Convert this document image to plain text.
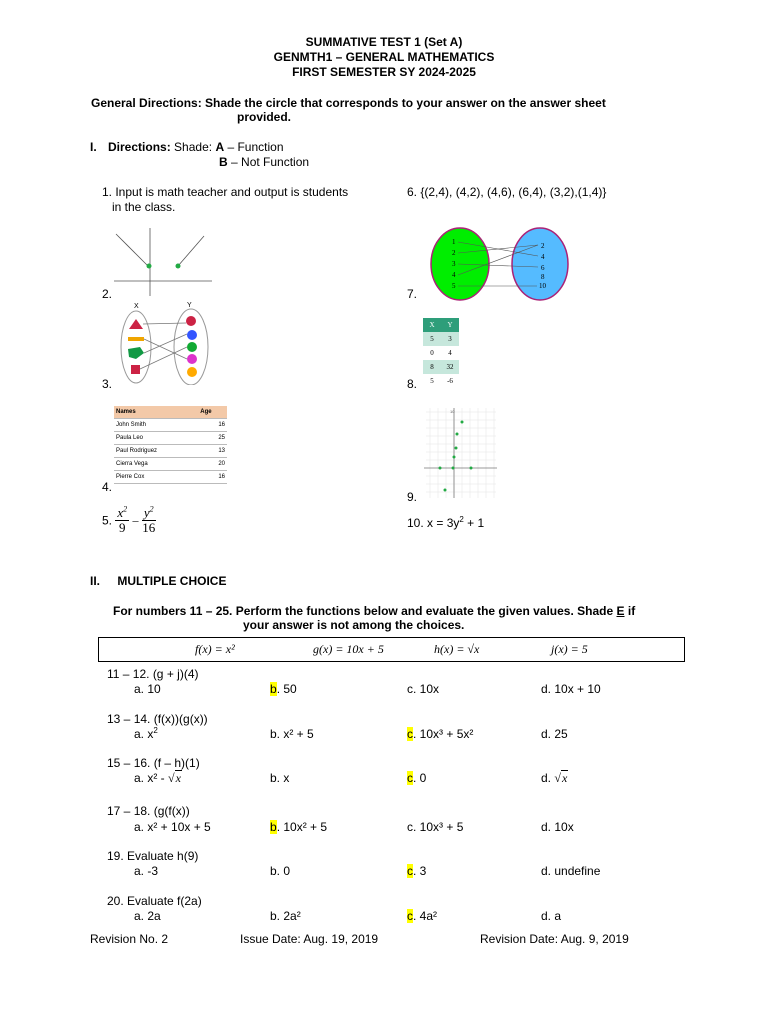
SUMMATIVE TEST 1 (Set A)
GENMTH1 – GENERAL MATHEMATICS
FIRST SEMESTER SY 2024-2025
General Directions: Shade the circle that corresponds to your answer on the answer sheet
provided.
I. Directions: Shade: A – Function
B – Not Function
1. Input is math teacher and output is students
in the class.
2.
X	Y
3.
Names	Age
John Smith	16
Paula Leo	25
Paul Rodriguez	13
Cierra Vega	20
Pierre Cox	16
4.
5. $\frac{x^2}{9} - \frac{y^2}{16}$
6. {(2,4), (4,2), (4,6), (6,4), (3,2),(1,4)}
1
2
3
4
5
2
4
6
8
10
7.
X	Y
5	3
0	4
8	32
5	-6
8.
10
9.
10. $x = 3y^2 + 1$
II. MULTIPLE CHOICE
For numbers 11 – 25. Perform the functions below and evaluate the given values. Shade E if
your answer is not among the choices.
f(x) = x²	g(x) = 10x + 5	h(x) = √x	j(x) = 5
11 – 12. (g + j)(4)
a. 10	b. 50	c. 10x	d. 10x + 10
13 – 14. (f(x))(g(x))
a. $x^2$	b. x² + 5	c. 10x³ + 5x²	d. 25
15 – 16. (f – h)(1)
a. x² - √x	b. x	c. 0	d. √x
17 – 18. (g(f(x))
a. x² + 10x + 5	b. 10x² + 5	c. 10x³ + 5	d. 10x
19. Evaluate h(9)
a. -3	b. 0	c. 3	d. undefine
20. Evaluate f(2a)
a. 2a	b. 2a²	c. 4a²	d. a
Revision No. 2	Issue Date: Aug. 19, 2019	Revision Date: Aug. 9, 2019
